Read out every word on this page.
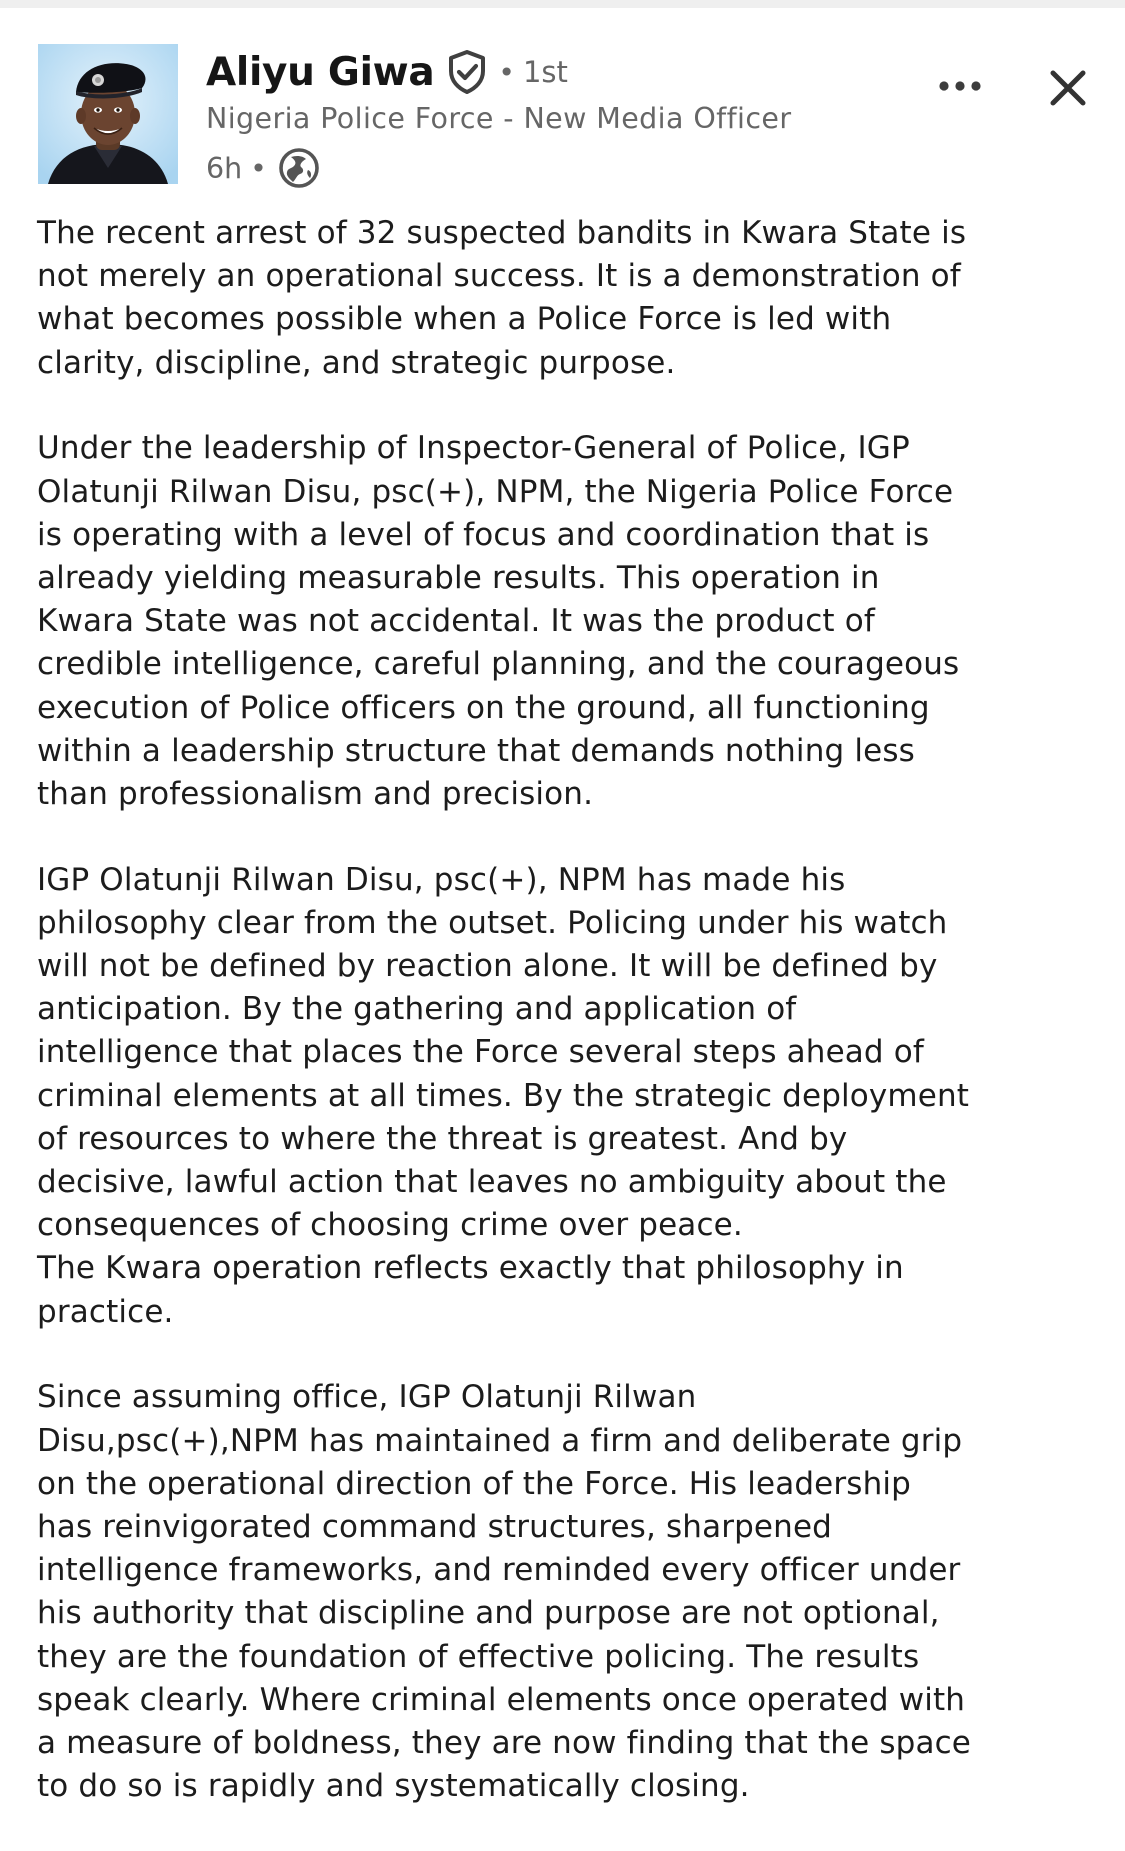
Aliyu Giwa • 1st
Nigeria Police Force - New Media Officer
6h •

The recent arrest of 32 suspected bandits in Kwara State is
not merely an operational success. It is a demonstration of
what becomes possible when a Police Force is led with
clarity, discipline, and strategic purpose.

Under the leadership of Inspector-General of Police, IGP
Olatunji Rilwan Disu, psc(+), NPM, the Nigeria Police Force
is operating with a level of focus and coordination that is
already yielding measurable results. This operation in
Kwara State was not accidental. It was the product of
credible intelligence, careful planning, and the courageous
execution of Police officers on the ground, all functioning
within a leadership structure that demands nothing less
than professionalism and precision.

IGP Olatunji Rilwan Disu, psc(+), NPM has made his
philosophy clear from the outset. Policing under his watch
will not be defined by reaction alone. It will be defined by
anticipation. By the gathering and application of
intelligence that places the Force several steps ahead of
criminal elements at all times. By the strategic deployment
of resources to where the threat is greatest. And by
decisive, lawful action that leaves no ambiguity about the
consequences of choosing crime over peace.
The Kwara operation reflects exactly that philosophy in
practice.

Since assuming office, IGP Olatunji Rilwan
Disu,psc(+),NPM has maintained a firm and deliberate grip
on the operational direction of the Force. His leadership
has reinvigorated command structures, sharpened
intelligence frameworks, and reminded every officer under
his authority that discipline and purpose are not optional,
they are the foundation of effective policing. The results
speak clearly. Where criminal elements once operated with
a measure of boldness, they are now finding that the space
to do so is rapidly and systematically closing.
